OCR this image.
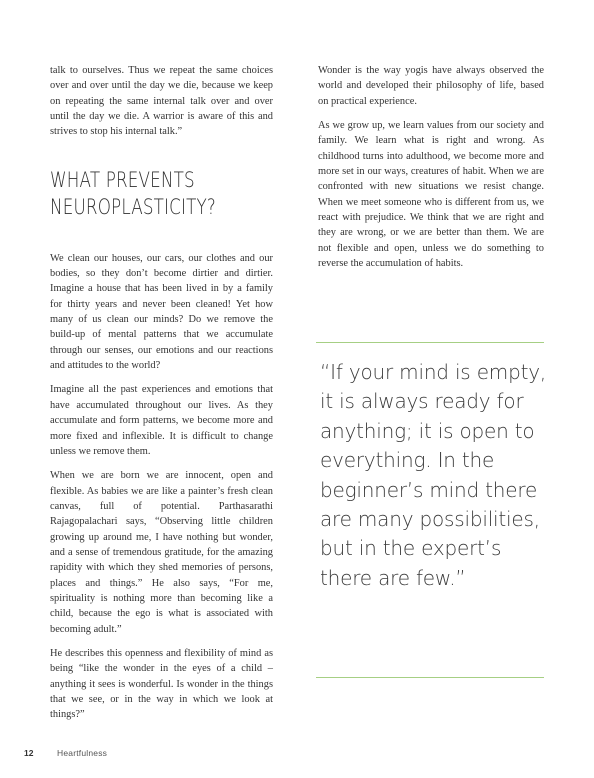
talk to ourselves. Thus we repeat the same choices over and over until the day we die, because we keep on repeating the same internal talk over and over until the day we die. A warrior is aware of this and strives to stop his internal talk.”

WHAT PREVENTS
NEUROPLASTICITY?

We clean our houses, our cars, our clothes and our bodies, so they don’t become dirtier and dirtier. Imagine a house that has been lived in by a family for thirty years and never been cleaned! Yet how many of us clean our minds? Do we remove the build-up of mental patterns that we accumulate through our senses, our emotions and our reactions and attitudes to the world?

Imagine all the past experiences and emotions that have accumulated throughout our lives. As they accumulate and form patterns, we become more and more fixed and inflexible. It is difficult to change unless we remove them.

When we are born we are innocent, open and flexible. As babies we are like a painter’s fresh clean canvas, full of potential. Parthasarathi Rajagopalachari says, “Observing little children growing up around me, I have nothing but wonder, and a sense of tremendous gratitude, for the amazing rapidity with which they shed memories of persons, places and things.” He also says, “For me, spirituality is nothing more than becoming like a child, because the ego is what is associated with becoming adult.”

He describes this openness and flexibility of mind as being “like the wonder in the eyes of a child – anything it sees is wonderful. Is wonder in the things that we see, or in the way in which we look at things?”

Wonder is the way yogis have always observed the world and developed their philosophy of life, based on practical experience.

As we grow up, we learn values from our society and family. We learn what is right and wrong. As childhood turns into adulthood, we become more and more set in our ways, creatures of habit. When we are confronted with new situations we resist change. When we meet someone who is different from us, we react with prejudice. We think that we are right and they are wrong, or we are better than them. We are not flexible and open, unless we do something to reverse the accumulation of habits.

“If your mind is empty, it is always ready for anything; it is open to everything. In the beginner’s mind there are many possibilities, but in the expert’s there are few.”
12	Heartfulness
